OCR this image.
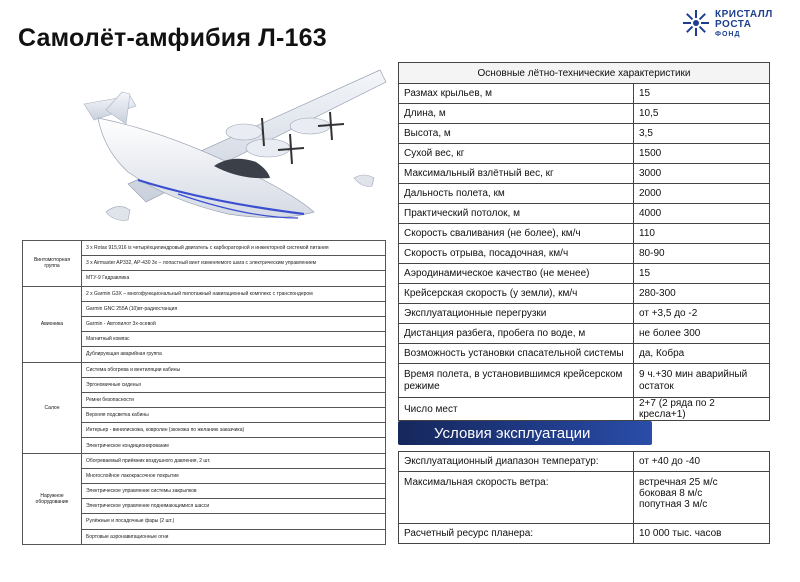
Самолёт-амфибия Л-163
КРИСТАЛЛ
РОСТА
ФОНД
Основные лётно-технические характеристики	
Размах крыльев, м	15
Длина, м	10,5
Высота, м	3,5
Сухой вес, кг	1500
Максимальный взлётный вес, кг	3000
Дальность полета, км	2000
Практический потолок, м	4000
Скорость сваливания (не более), км/ч	110
Скорость отрыва, посадочная, км/ч	80-90
Аэродинамическое качество (не менее)	15
Крейсерская скорость (у земли), км/ч	280-300
Эксплуатационные перегрузки	от +3,5 до -2
Дистанция разбега, пробега по воде, м	не более 300
Возможность установки спасательной системы	да, Кобра
Время полета, в установившимся крейсерском режиме	9 ч.+30 мин аварийный остаток
Число мест	2+7 (2 ряда по 2 кресла+1)
Условия эксплуатации
Эксплуатационный диапазон температур:	от +40 до -40
Максимальная скорость ветра:	встречная 25 м/с
боковая 8 м/с
попутная 3 м/с

Расчетный ресурс планера:	10 000 тыс. часов
Винтомоторная группа	3 x Rotax 915,916 is четырёхцилиндровый двигатель с карбюраторной и инжекторной системой питания
	3 x Airmaster AP332, AP-430 3x – лопастный винт изменяемого шага с электрическим управлением
	МТУ-9 Гидравлика
Авионика	2 x Garmin G3X – многофункциональный пилотажный навигационный комплекс с транспондером
	Garmin GNC 255A (10)вт-радиостанция
	Garmin - Автопилот 3х-осевой
	Магнитный компас
	Дублирующая аварийная группа
Салон	Система обогрева и вентиляции кабины
	Эргономичные сиденья
	Ремни безопасности
	Верхняя подсветка кабины
	Интерьер - винилискожа, ковролин (экокожа по желанию заказчика)
	Электрическое кондиционирование
Наружное оборудование	Обогреваемый приёмник воздушного давления, 2 шт.
	Многослойное лакокрасочное покрытие
	Электрическое управление системы закрылков
	Электрическое управление поднимающимися шасси
	Рулёжные и посадочные фары (2 шт.)
	Бортовые аэронавигационные огни
